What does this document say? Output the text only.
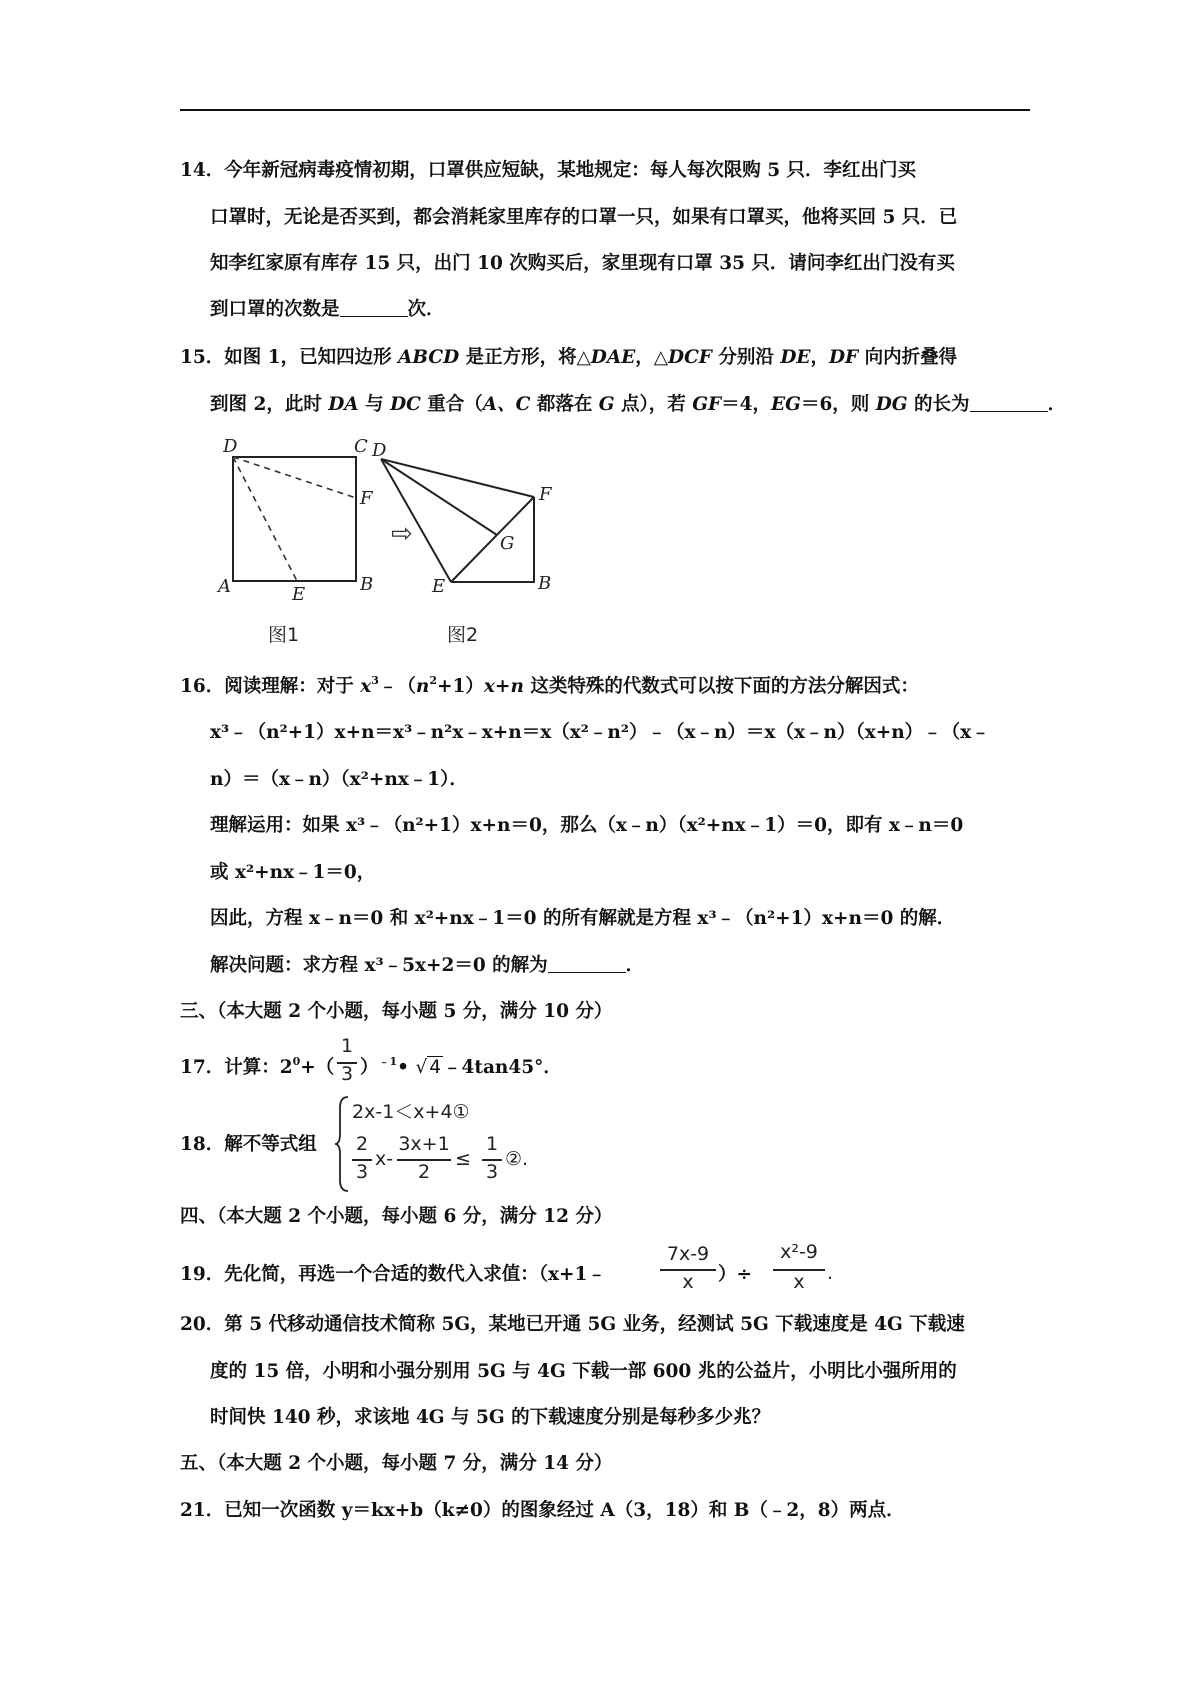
14．今年新冠病毒疫情初期，口罩供应短缺，某地规定：每人每次限购 5 只．李红出门买
口罩时，无论是否买到，都会消耗家里库存的口罩一只，如果有口罩买，他将买回 5 只．已
知李红家原有库存 15 只，出门 10 次购买后，家里现有口罩 35 只．请问李红出门没有买
到口罩的次数是	次．
15．如图 1，已知四边形 ABCD 是正方形，将△DAE，△DCF 分别沿 DE，DF 向内折叠得
到图 2，此时 DA 与 DC 重合（A、C 都落在 G 点），若 GF＝4，EG＝6，则 DG 的长为	．
D	C
F
A	E	B
⇨
D
F
G
E	B
图1	图2
16．阅读理解：对于 $x^3﹣(n^2+1)x+n$ 这类特殊的代数式可以按下面的方法分解因式：
x³﹣（n²+1）x+n＝x³﹣n²x﹣x+n＝x（x²﹣n²）﹣（x﹣n）＝x（x﹣n）（x+n）﹣（x﹣
n）＝（x﹣n）（x²+nx﹣1）．
理解运用：如果 x³﹣（n²+1）x+n＝0，那么（x﹣n）（x²+nx﹣1）＝0，即有 x﹣n＝0
或 x²+nx﹣1＝0，
因此，方程 x﹣n＝0 和 x²+nx﹣1＝0 的所有解就是方程 x³﹣（n²+1）x+n＝0 的解．
解决问题：求方程 x³﹣5x+2＝0 的解为	．
三、（本大题 2 个小题，每小题 5 分，满分 10 分）
17．计算：$2^0+$（
1
3 ）$^{﹣1}$• √ 4 ﹣4tan45°．
18．解不等式组
2x-1＜x+4①
2
3
x-
3x+1
2
≤
1
3
②.
四、（本大题 2 个小题，每小题 6 分，满分 12 分）
19．先化简，再选一个合适的数代入求值：（x+1﹣
7x-9
x	）÷
x²-9
x	.
20．第 5 代移动通信技术简称 5G，某地已开通 5G 业务，经测试 5G 下载速度是 4G 下载速
度的 15 倍，小明和小强分别用 5G 与 4G 下载一部 600 兆的公益片，小明比小强所用的
时间快 140 秒，求该地 4G 与 5G 的下载速度分别是每秒多少兆？
五、（本大题 2 个小题，每小题 7 分，满分 14 分）
21．已知一次函数 y＝kx+b（k≠0）的图象经过 A（3，18）和 B（﹣2，8）两点．
